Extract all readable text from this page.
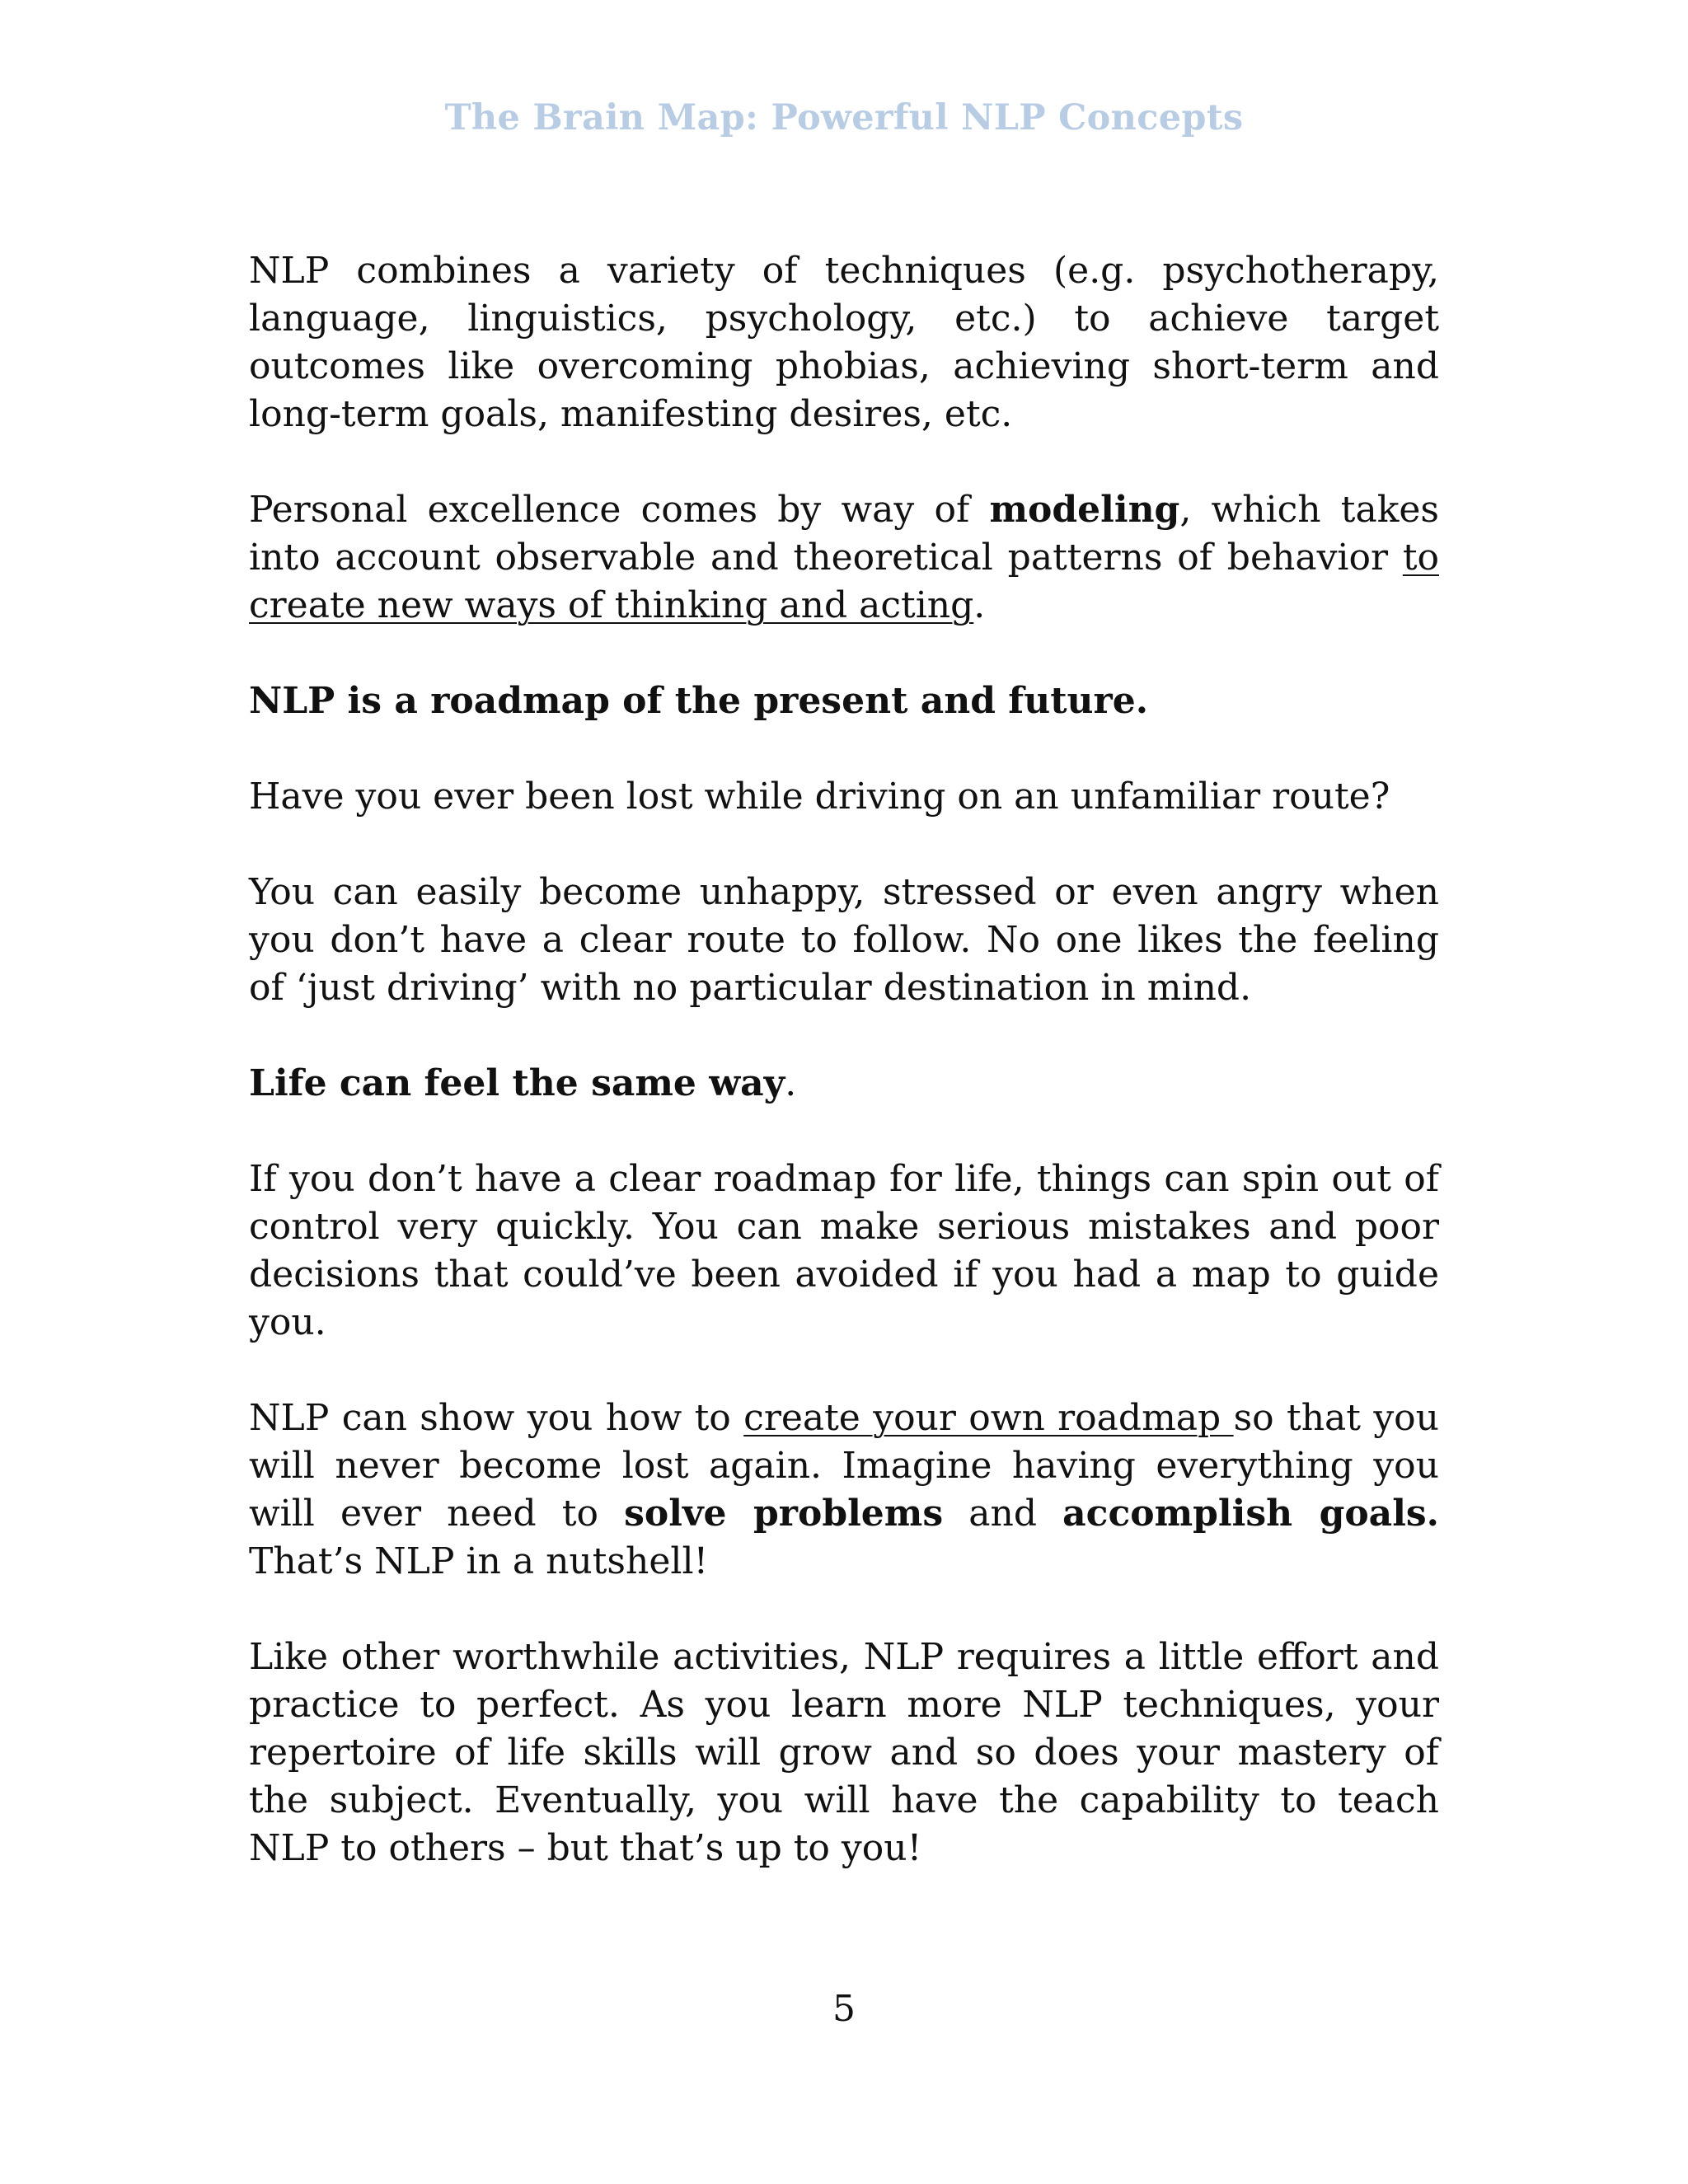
The Brain Map: Powerful NLP Concepts

NLP combines a variety of techniques (e.g. psychotherapy, language, linguistics, psychology, etc.) to achieve target outcomes like overcoming phobias, achieving short-term and long-term goals, manifesting desires, etc.

Personal excellence comes by way of modeling, which takes into account observable and theoretical patterns of behavior to create new ways of thinking and acting.

NLP is a roadmap of the present and future.

Have you ever been lost while driving on an unfamiliar route?

You can easily become unhappy, stressed or even angry when you don’t have a clear route to follow. No one likes the feeling of ‘just driving’ with no particular destination in mind.

Life can feel the same way.

If you don’t have a clear roadmap for life, things can spin out of control very quickly. You can make serious mistakes and poor decisions that could’ve been avoided if you had a map to guide you.

NLP can show you how to create your own roadmap so that you will never become lost again. Imagine having everything you will ever need to solve problems and accomplish goals. That’s NLP in a nutshell!

Like other worthwhile activities, NLP requires a little effort and practice to perfect. As you learn more NLP techniques, your repertoire of life skills will grow and so does your mastery of the subject. Eventually, you will have the capability to teach NLP to others – but that’s up to you!

5
